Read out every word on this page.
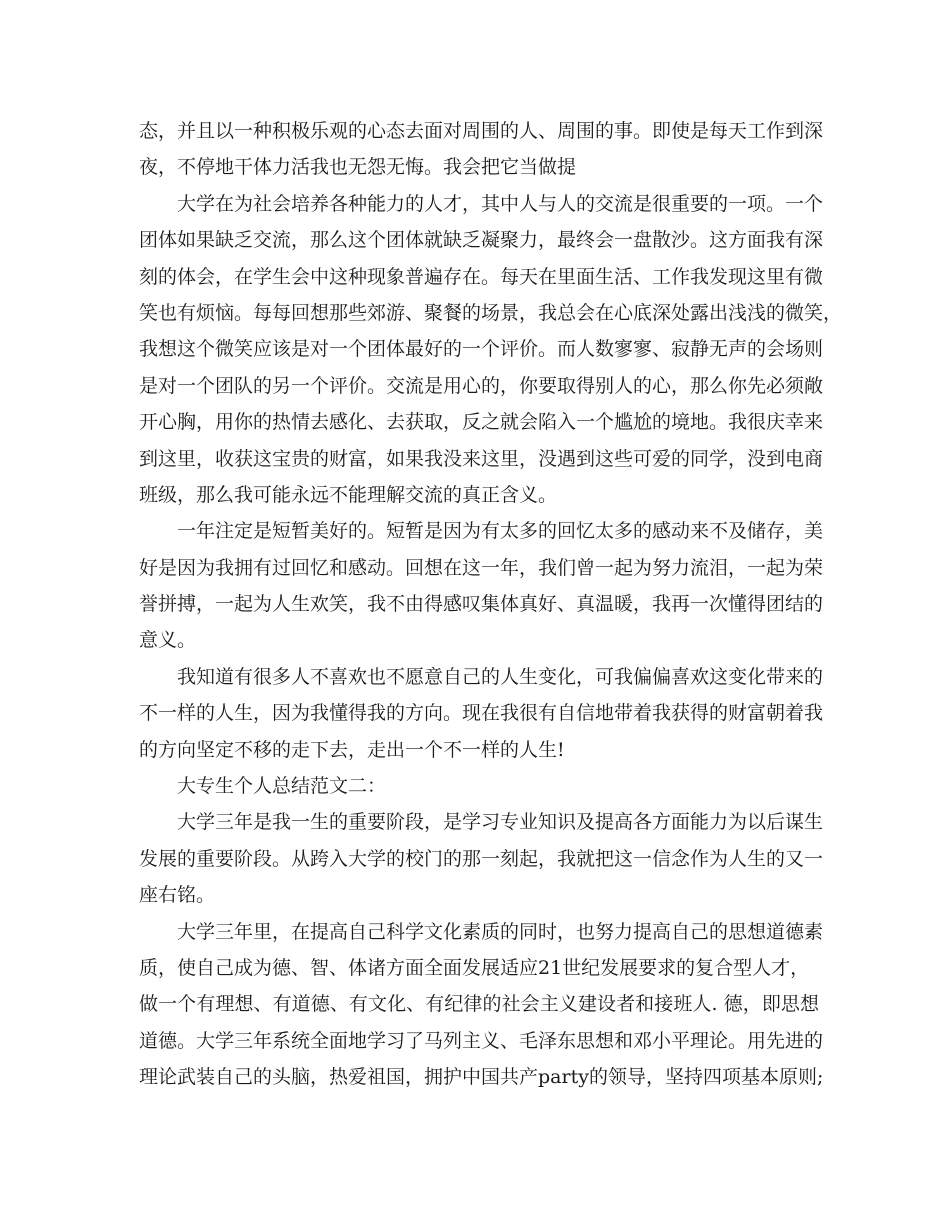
态，并且以一种积极乐观的心态去面对周围的人、周围的事。即使是每天工作到深
夜，不停地干体力活我也无怨无悔。我会把它当做提
大学在为社会培养各种能力的人才，其中人与人的交流是很重要的一项。一个
团体如果缺乏交流，那么这个团体就缺乏凝聚力，最终会一盘散沙。这方面我有深
刻的体会，在学生会中这种现象普遍存在。每天在里面生活、工作我发现这里有微
笑也有烦恼。每每回想那些郊游、聚餐的场景，我总会在心底深处露出浅浅的微笑，
我想这个微笑应该是对一个团体最好的一个评价。而人数寥寥、寂静无声的会场则
是对一个团队的另一个评价。交流是用心的，你要取得别人的心，那么你先必须敞
开心胸，用你的热情去感化、去获取，反之就会陷入一个尴尬的境地。我很庆幸来
到这里，收获这宝贵的财富，如果我没来这里，没遇到这些可爱的同学，没到电商
班级，那么我可能永远不能理解交流的真正含义。
一年注定是短暂美好的。短暂是因为有太多的回忆太多的感动来不及储存，美
好是因为我拥有过回忆和感动。回想在这一年，我们曾一起为努力流泪，一起为荣
誉拼搏，一起为人生欢笑，我不由得感叹集体真好、真温暖，我再一次懂得团结的
意义。
我知道有很多人不喜欢也不愿意自己的人生变化，可我偏偏喜欢这变化带来的
不一样的人生，因为我懂得我的方向。现在我很有自信地带着我获得的财富朝着我
的方向坚定不移的走下去，走出一个不一样的人生!
大专生个人总结范文二：
大学三年是我一生的重要阶段，是学习专业知识及提高各方面能力为以后谋生
发展的重要阶段。从跨入大学的校门的那一刻起，我就把这一信念作为人生的又一
座右铭。
大学三年里，在提高自己科学文化素质的同时，也努力提高自己的思想道德素
质，使自己成为德、智、体诸方面全面发展适应21世纪发展要求的复合型人才，
做一个有理想、有道德、有文化、有纪律的社会主义建设者和接班人. 德，即思想
道德。大学三年系统全面地学习了马列主义、毛泽东思想和邓小平理论。用先进的
理论武装自己的头脑，热爱祖国，拥护中国共产party的领导，坚持四项基本原则;
